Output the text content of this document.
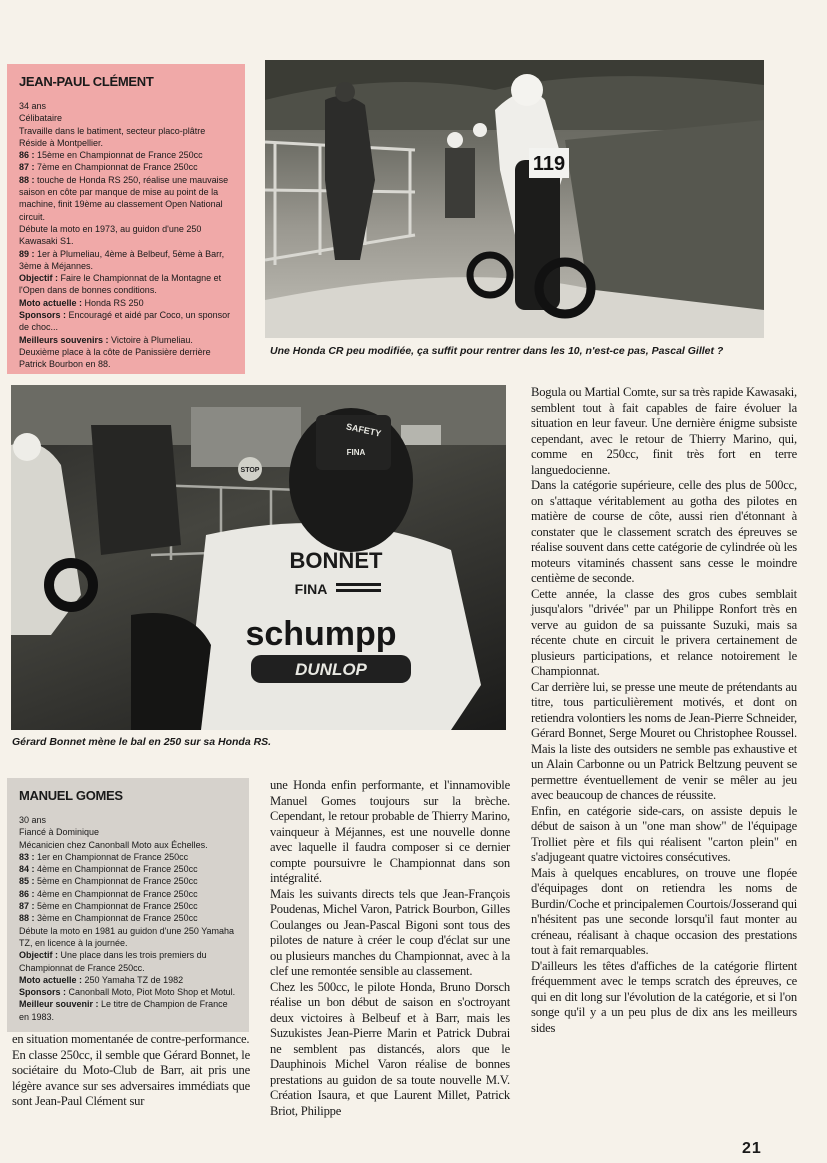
JEAN-PAUL CLÉMENT

34 ans

Célibataire

Travaille dans le batiment, secteur placo-plâtre

Réside à Montpellier.

86 : 15ème en Championnat de France 250cc

87 : 7ème en Championnat de France 250cc

88 : touche de Honda RS 250, réalise une mauvaise saison en côte par manque de mise au point de la machine, finit 19ème au classement Open National circuit.

Débute la moto en 1973, au guidon d'une 250 Kawasaki S1.

89 : 1er à Plumeliau, 4ème à Belbeuf, 5ème à Barr, 3ème à Méjannes.

Objectif : Faire le Championnat de la Montagne et l'Open dans de bonnes conditions.

Moto actuelle : Honda RS 250

Sponsors : Encouragé et aidé par Coco, un sponsor de choc...

Meilleurs souvenirs : Victoire à Plumeliau. Deuxième place à la côte de Panissière derrière Patrick Bourbon en 88.

119
Une Honda CR peu modifiée, ça suffit pour rentrer dans les 10, n'est-ce pas, Pascal Gillet ?
STOP
SAFETY
FINA
BONNET
FINA
schumpp
DUNLOP
Gérard Bonnet mène le bal en 250 sur sa Honda RS.
MANUEL GOMES

30 ans

Fiancé à Dominique

Mécanicien chez Canonball Moto aux Échelles.

83 : 1er en Championnat de France 250cc

84 : 4ème en Championnat de France 250cc

85 : 5ème en Championnat de France 250cc

86 : 4ème en Championnat de France 250cc

87 : 5ème en Championnat de France 250cc

88 : 3ème en Championnat de France 250cc

Débute la moto en 1981 au guidon d'une 250 Yamaha TZ, en licence à la journée.

Objectif : Une place dans les trois premiers du Championnat de France 250cc.

Moto actuelle : 250 Yamaha TZ de 1982

Sponsors : Canonball Moto, Piot Moto Shop et Motul.

Meilleur souvenir : Le titre de Champion de France en 1983.

Bogula ou Martial Comte, sur sa très rapide Kawasaki, semblent tout à fait capables de faire évoluer la situation en leur faveur. Une dernière énigme subsiste cependant, avec le retour de Thierry Marino, qui, comme en 250cc, finit très fort en terre languedocienne.

Dans la catégorie supérieure, celle des plus de 500cc, on s'attaque véritablement au gotha des pilotes en matière de course de côte, aussi rien d'étonnant à constater que le classement scratch des épreuves se réalise souvent dans cette catégorie de cylindrée où les moteurs vitaminés chassent sans cesse le moindre centième de seconde.

Cette année, la classe des gros cubes semblait jusqu'alors "drivée" par un Philippe Ronfort très en verve au guidon de sa puissante Suzuki, mais sa récente chute en circuit le privera certainement de plusieurs participations, et relance notoirement le Championnat.

Car derrière lui, se presse une meute de prétendants au titre, tous particulièrement motivés, et dont on retiendra volontiers les noms de Jean-Pierre Schneider, Gérard Bonnet, Serge Mouret ou Christophee Roussel. Mais la liste des outsiders ne semble pas exhaustive et un Alain Carbonne ou un Patrick Beltzung peuvent se permettre éventuellement de venir se mêler au jeu avec beaucoup de chances de réussite.

Enfin, en catégorie side-cars, on assiste depuis le début de saison à un "one man show" de l'équipage Trolliet père et fils qui réalisent "carton plein" en s'adjugeant quatre victoires consécutives.

Mais à quelques encablures, on trouve une flopée d'équipages dont on retiendra les noms de Burdin/Coche et principalemen Courtois/Josserand qui n'hésitent pas une seconde lorsqu'il faut monter au créneau, réalisant à chaque occasion des prestations tout à fait remarquables.

D'ailleurs les têtes d'affiches de la catégorie flirtent fréquemment avec le temps scratch des épreuves, ce qui en dit long sur l'évolution de la catégorie, et si l'on songe qu'il y a un peu plus de dix ans les meilleurs sides

une Honda enfin performante, et l'innamovible Manuel Gomes toujours sur la brèche. Cependant, le retour probable de Thierry Marino, vainqueur à Méjannes, est une nouvelle donne avec laquelle il faudra composer si ce dernier compte poursuivre le Championnat dans son intégralité.

Mais les suivants directs tels que Jean-François Poudenas, Michel Varon, Patrick Bourbon, Gilles Coulanges ou Jean-Pascal Bigoni sont tous des pilotes de nature à créer le coup d'éclat sur une ou plusieurs manches du Championnat, avec à la clef une remontée sensible au classement.

Chez les 500cc, le pilote Honda, Bruno Dorsch réalise un bon début de saison en s'octroyant deux victoires à Belbeuf et à Barr, mais les Suzukistes Jean-Pierre Marin et Patrick Dubrai ne semblent pas distancés, alors que le Dauphinois Michel Varon réalise de bonnes prestations au guidon de sa toute nouvelle M.V. Création Isaura, et que Laurent Millet, Patrick Briot, Philippe

en situation momentanée de contre-performance.

En classe 250cc, il semble que Gérard Bonnet, le sociétaire du Moto-Club de Barr, ait pris une légère avance sur ses adversaires immédiats que sont Jean-Paul Clément sur

21
